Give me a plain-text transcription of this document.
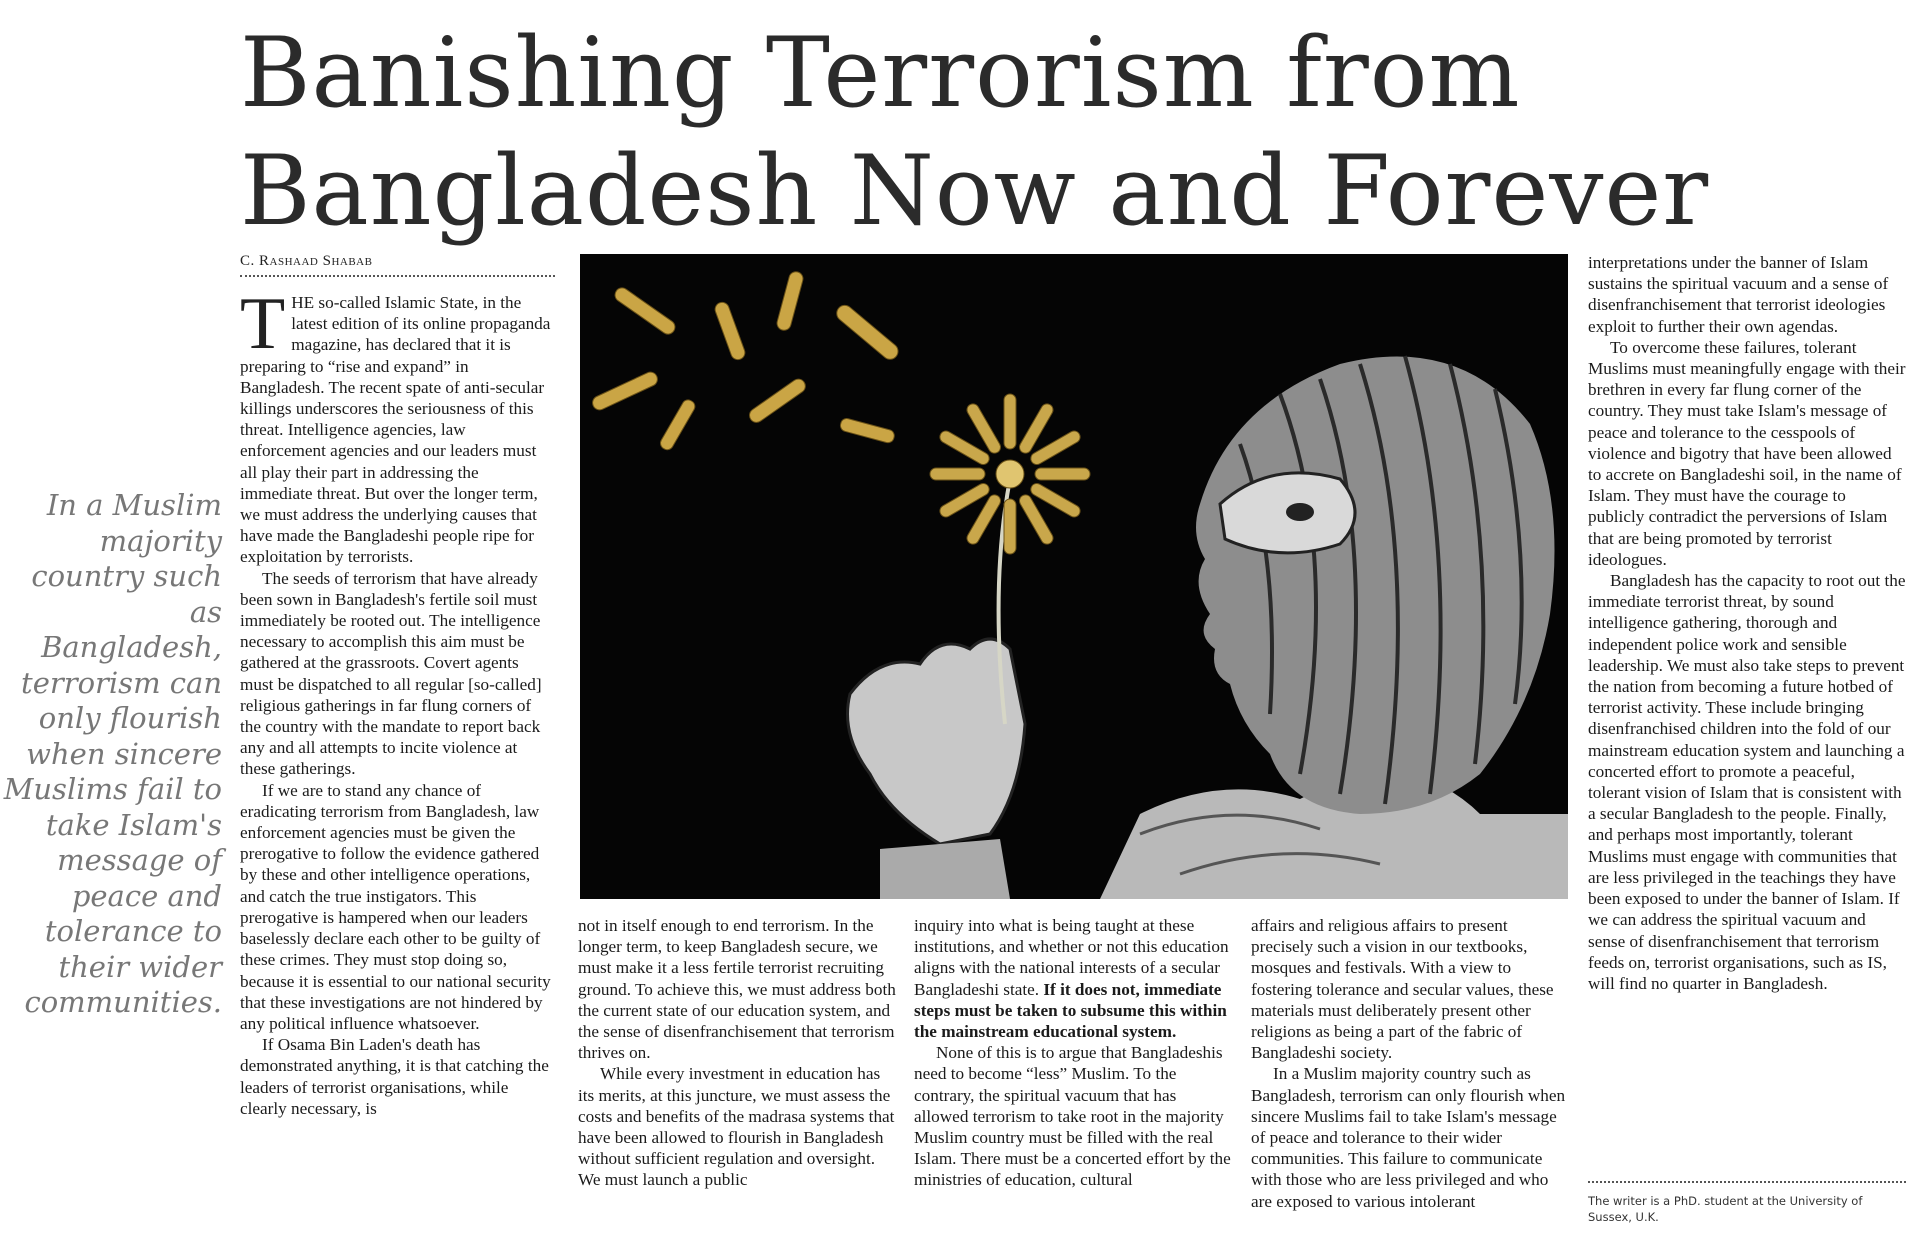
Banishing Terrorism from Bangladesh Now and Forever
C. Rashaad Shabab
In a Muslim majority country such as Bangladesh, terrorism can only flourish when sincere Muslims fail to take Islam's message of peace and tolerance to their wider communities.

THE so-called Islamic State, in the latest edition of its online propaganda magazine, has declared that it is preparing to “rise and expand” in Bangladesh. The recent spate of anti-secular killings underscores the seriousness of this threat. Intelligence agencies, law enforcement agencies and our leaders must all play their part in addressing the immediate threat. But over the longer term, we must address the underlying causes that have made the Bangladeshi people ripe for exploitation by terrorists.

The seeds of terrorism that have already been sown in Bangladesh's fertile soil must immediately be rooted out. The intelligence necessary to accomplish this aim must be gathered at the grassroots. Covert agents must be dispatched to all regular [so-called] religious gatherings in far flung corners of the country with the mandate to report back any and all attempts to incite violence at these gatherings.

If we are to stand any chance of eradicating terrorism from Bangladesh, law enforcement agencies must be given the prerogative to follow the evidence gathered by these and other intelligence operations, and catch the true instigators. This prerogative is hampered when our leaders baselessly declare each other to be guilty of these crimes. They must stop doing so, because it is essential to our national security that these investigations are not hindered by any political influence whatsoever.

If Osama Bin Laden's death has demonstrated anything, it is that catching the leaders of terrorist organisations, while clearly necessary, is

not in itself enough to end terrorism. In the longer term, to keep Bangladesh secure, we must make it a less fertile terrorist recruiting ground. To achieve this, we must address both the current state of our education system, and the sense of disenfranchisement that terrorism thrives on.

While every investment in education has its merits, at this juncture, we must assess the costs and benefits of the madrasa systems that have been allowed to flourish in Bangladesh without sufficient regulation and oversight. We must launch a public

inquiry into what is being taught at these institutions, and whether or not this education aligns with the national interests of a secular Bangladeshi state. If it does not, immediate steps must be taken to subsume this within the mainstream educational system.

None of this is to argue that Bangladeshis need to become “less” Muslim. To the contrary, the spiritual vacuum that has allowed terrorism to take root in the majority Muslim country must be filled with the real Islam. There must be a concerted effort by the ministries of education, cultural

affairs and religious affairs to present precisely such a vision in our textbooks, mosques and festivals. With a view to fostering tolerance and secular values, these materials must deliberately present other religions as being a part of the fabric of Bangladeshi society.

In a Muslim majority country such as Bangladesh, terrorism can only flourish when sincere Muslims fail to take Islam's message of peace and tolerance to their wider communities. This failure to communicate with those who are less privileged and who are exposed to various intolerant

interpretations under the banner of Islam sustains the spiritual vacuum and a sense of disenfranchisement that terrorist ideologies exploit to further their own agendas.

To overcome these failures, tolerant Muslims must meaningfully engage with their brethren in every far flung corner of the country. They must take Islam's message of peace and tolerance to the cesspools of violence and bigotry that have been allowed to accrete on Bangladeshi soil, in the name of Islam. They must have the courage to publicly contradict the perversions of Islam that are being promoted by terrorist ideologues.

Bangladesh has the capacity to root out the immediate terrorist threat, by sound intelligence gathering, thorough and independent police work and sensible leadership. We must also take steps to prevent the nation from becoming a future hotbed of terrorist activity. These include bringing disenfranchised children into the fold of our mainstream education system and launching a concerted effort to promote a peaceful, tolerant vision of Islam that is consistent with a secular Bangladesh to the people. Finally, and perhaps most importantly, tolerant Muslims must engage with communities that are less privileged in the teachings they have been exposed to under the banner of Islam. If we can address the spiritual vacuum and sense of disenfranchisement that terrorism feeds on, terrorist organisations, such as IS, will find no quarter in Bangladesh.

The writer is a PhD. student at the University of Sussex, U.K.
